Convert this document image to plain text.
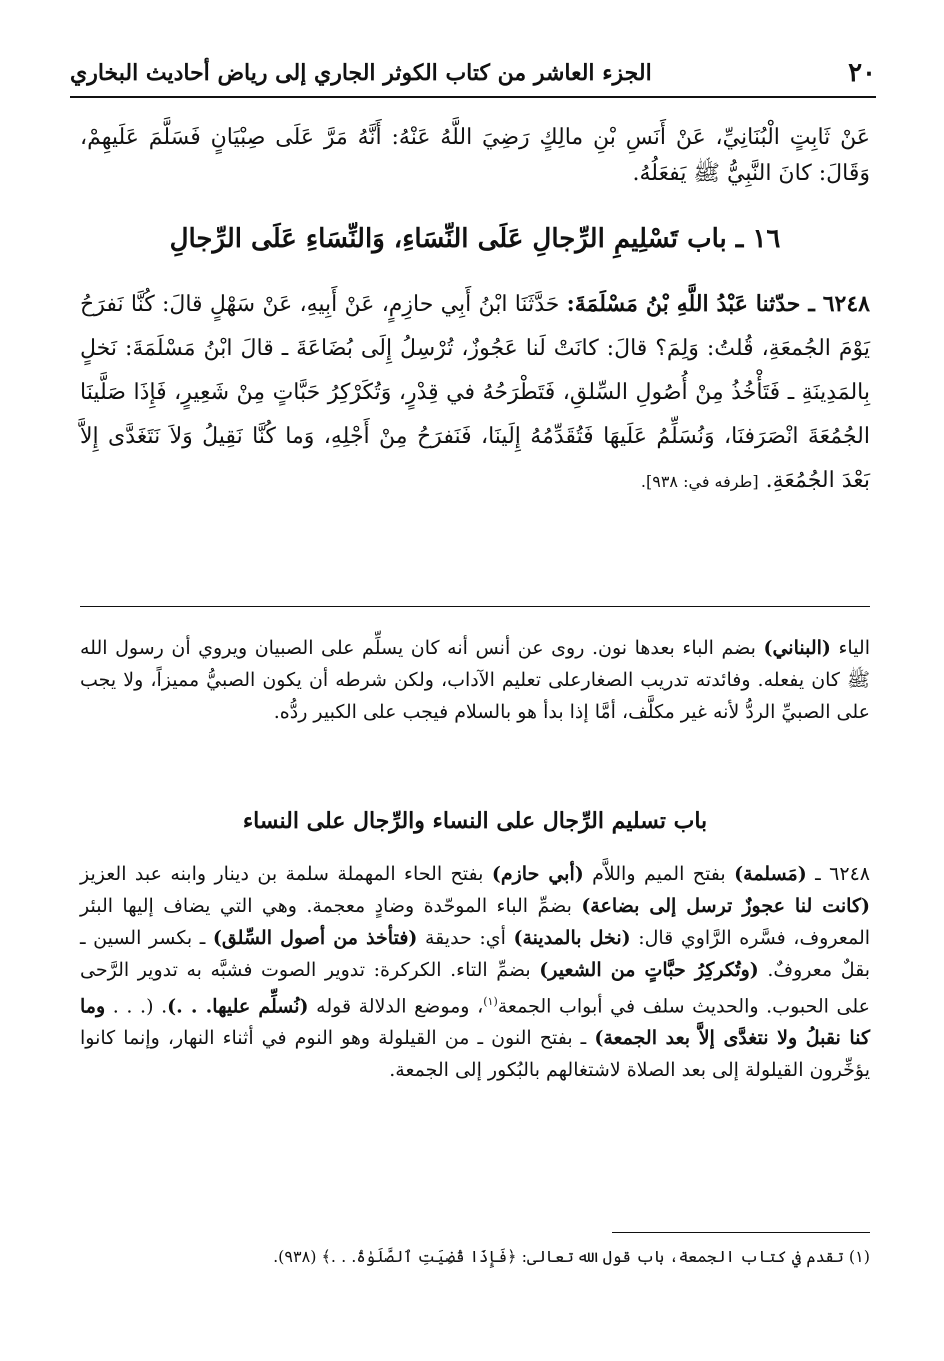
٢٠
الجزء العاشر من كتاب الكوثر الجاري إلى رياض أحاديث البخاري
عَنْ ثَابِتٍ الْبُنَانِيِّ، عَنْ أَنَسِ بْنِ مالِكٍ رَضِيَ اللَّهُ عَنْهُ: أَنَّهُ مَرَّ عَلَى صِبْيَانٍ فَسَلَّمَ عَلَيهِمْ، وَقَالَ: كانَ النَّبِيُّ ﷺ يَفعَلُهُ.
١٦ ـ باب تَسْلِيمِ الرِّجالِ عَلَى النِّسَاءِ، وَالنِّسَاءِ عَلَى الرِّجالِ
٦٢٤٨ ـ حدّثنا عَبْدُ اللَّهِ بْنُ مَسْلَمَةَ: حَدَّثَنَا ابْنُ أَبِي حازِمٍ، عَنْ أَبِيهِ، عَنْ سَهْلٍ قالَ: كُنَّا نَفرَحُ يَوْمَ الجُمعَةِ، قُلتُ: وَلِمَ؟ قالَ: كانَتْ لَنا عَجُوزٌ، تُرْسِلُ إِلَى بُضَاعَةَ ـ قالَ ابْنُ مَسْلَمَةَ: نَخلٍ بِالمَدِينَةِ ـ فَتَأْخُذُ مِنْ أُصُولِ السِّلقِ، فَتَطْرَحُهُ في قِدْرٍ، وَتُكَرْكِرُ حَبَّاتٍ مِنْ شَعِيرٍ، فَإِذَا صَلَّينَا الجُمُعَةَ انْصَرَفنَا، وَنُسَلِّمُ عَلَيهَا فَتُقَدِّمُهُ إِلَينَا، فَنَفرَحُ مِنْ أَجْلِهِ، وَما كُنَّا نَقِيلُ وَلاَ نَتَغَدَّى إِلاَّ بَعْدَ الجُمُعَةِ. [طرفه في: ٩٣٨].
الياء (البناني) بضم الباء بعدها نون. روى عن أنس أنه كان يسلِّم على الصبيان ويروي أن رسول الله ﷺ كان يفعله. وفائدته تدريب الصغارعلى تعليم الآداب، ولكن شرطه أن يكون الصبيُّ مميزاً، ولا يجب على الصبيِّ الردُّ لأنه غير مكلَّف، أمَّا إذا بدأ هو بالسلام فيجب على الكبير ردُّه.
باب تسليم الرِّجال على النساء والرِّجال على النساء
٦٢٤٨ ـ (مَسلمة) بفتح الميم واللاَّم (أبي حازم) بفتح الحاء المهملة سلمة بن دينار وابنه عبد العزيز (كانت لنا عجوزٌ ترسل إلى بضاعة) بضمِّ الباء الموحّدة وضادٍ معجمة. وهي التي يضاف إليها البئر المعروف، فسَّره الرَّاوي قال: (نخل بالمدينة) أي: حديقة (فتأخذ من أصول السِّلق) ـ بكسر السين ـ بقلٌ معروفٌ. (وتُكركِرُ حبَّاتٍ من الشعير) بضمِّ التاء. الكركرة: تدوير الصوت فشبَّه به تدوير الرَّحى على الحبوب. والحديث سلف في أبواب الجمعة$^{(١)}$، وموضع الدلالة قوله (نُسلِّم عليها. . .). (. . . وما كنا نقبلُ ولا نتغدَّى إلاَّ بعد الجمعة) ـ بفتح النون ـ من القيلولة وهو النوم في أثناء النهار، وإنما كانوا يؤخِّرون القيلولة إلى بعد الصلاة لاشتغالهم بالبُكور إلى الجمعة.
(١) تقدم في كتاب الجمعة، باب قول الله تعالى: ﴿فَإِذَا قُضِيَتِ ٱلصَّلَوٰةُ. . .﴾ (٩٣٨).
